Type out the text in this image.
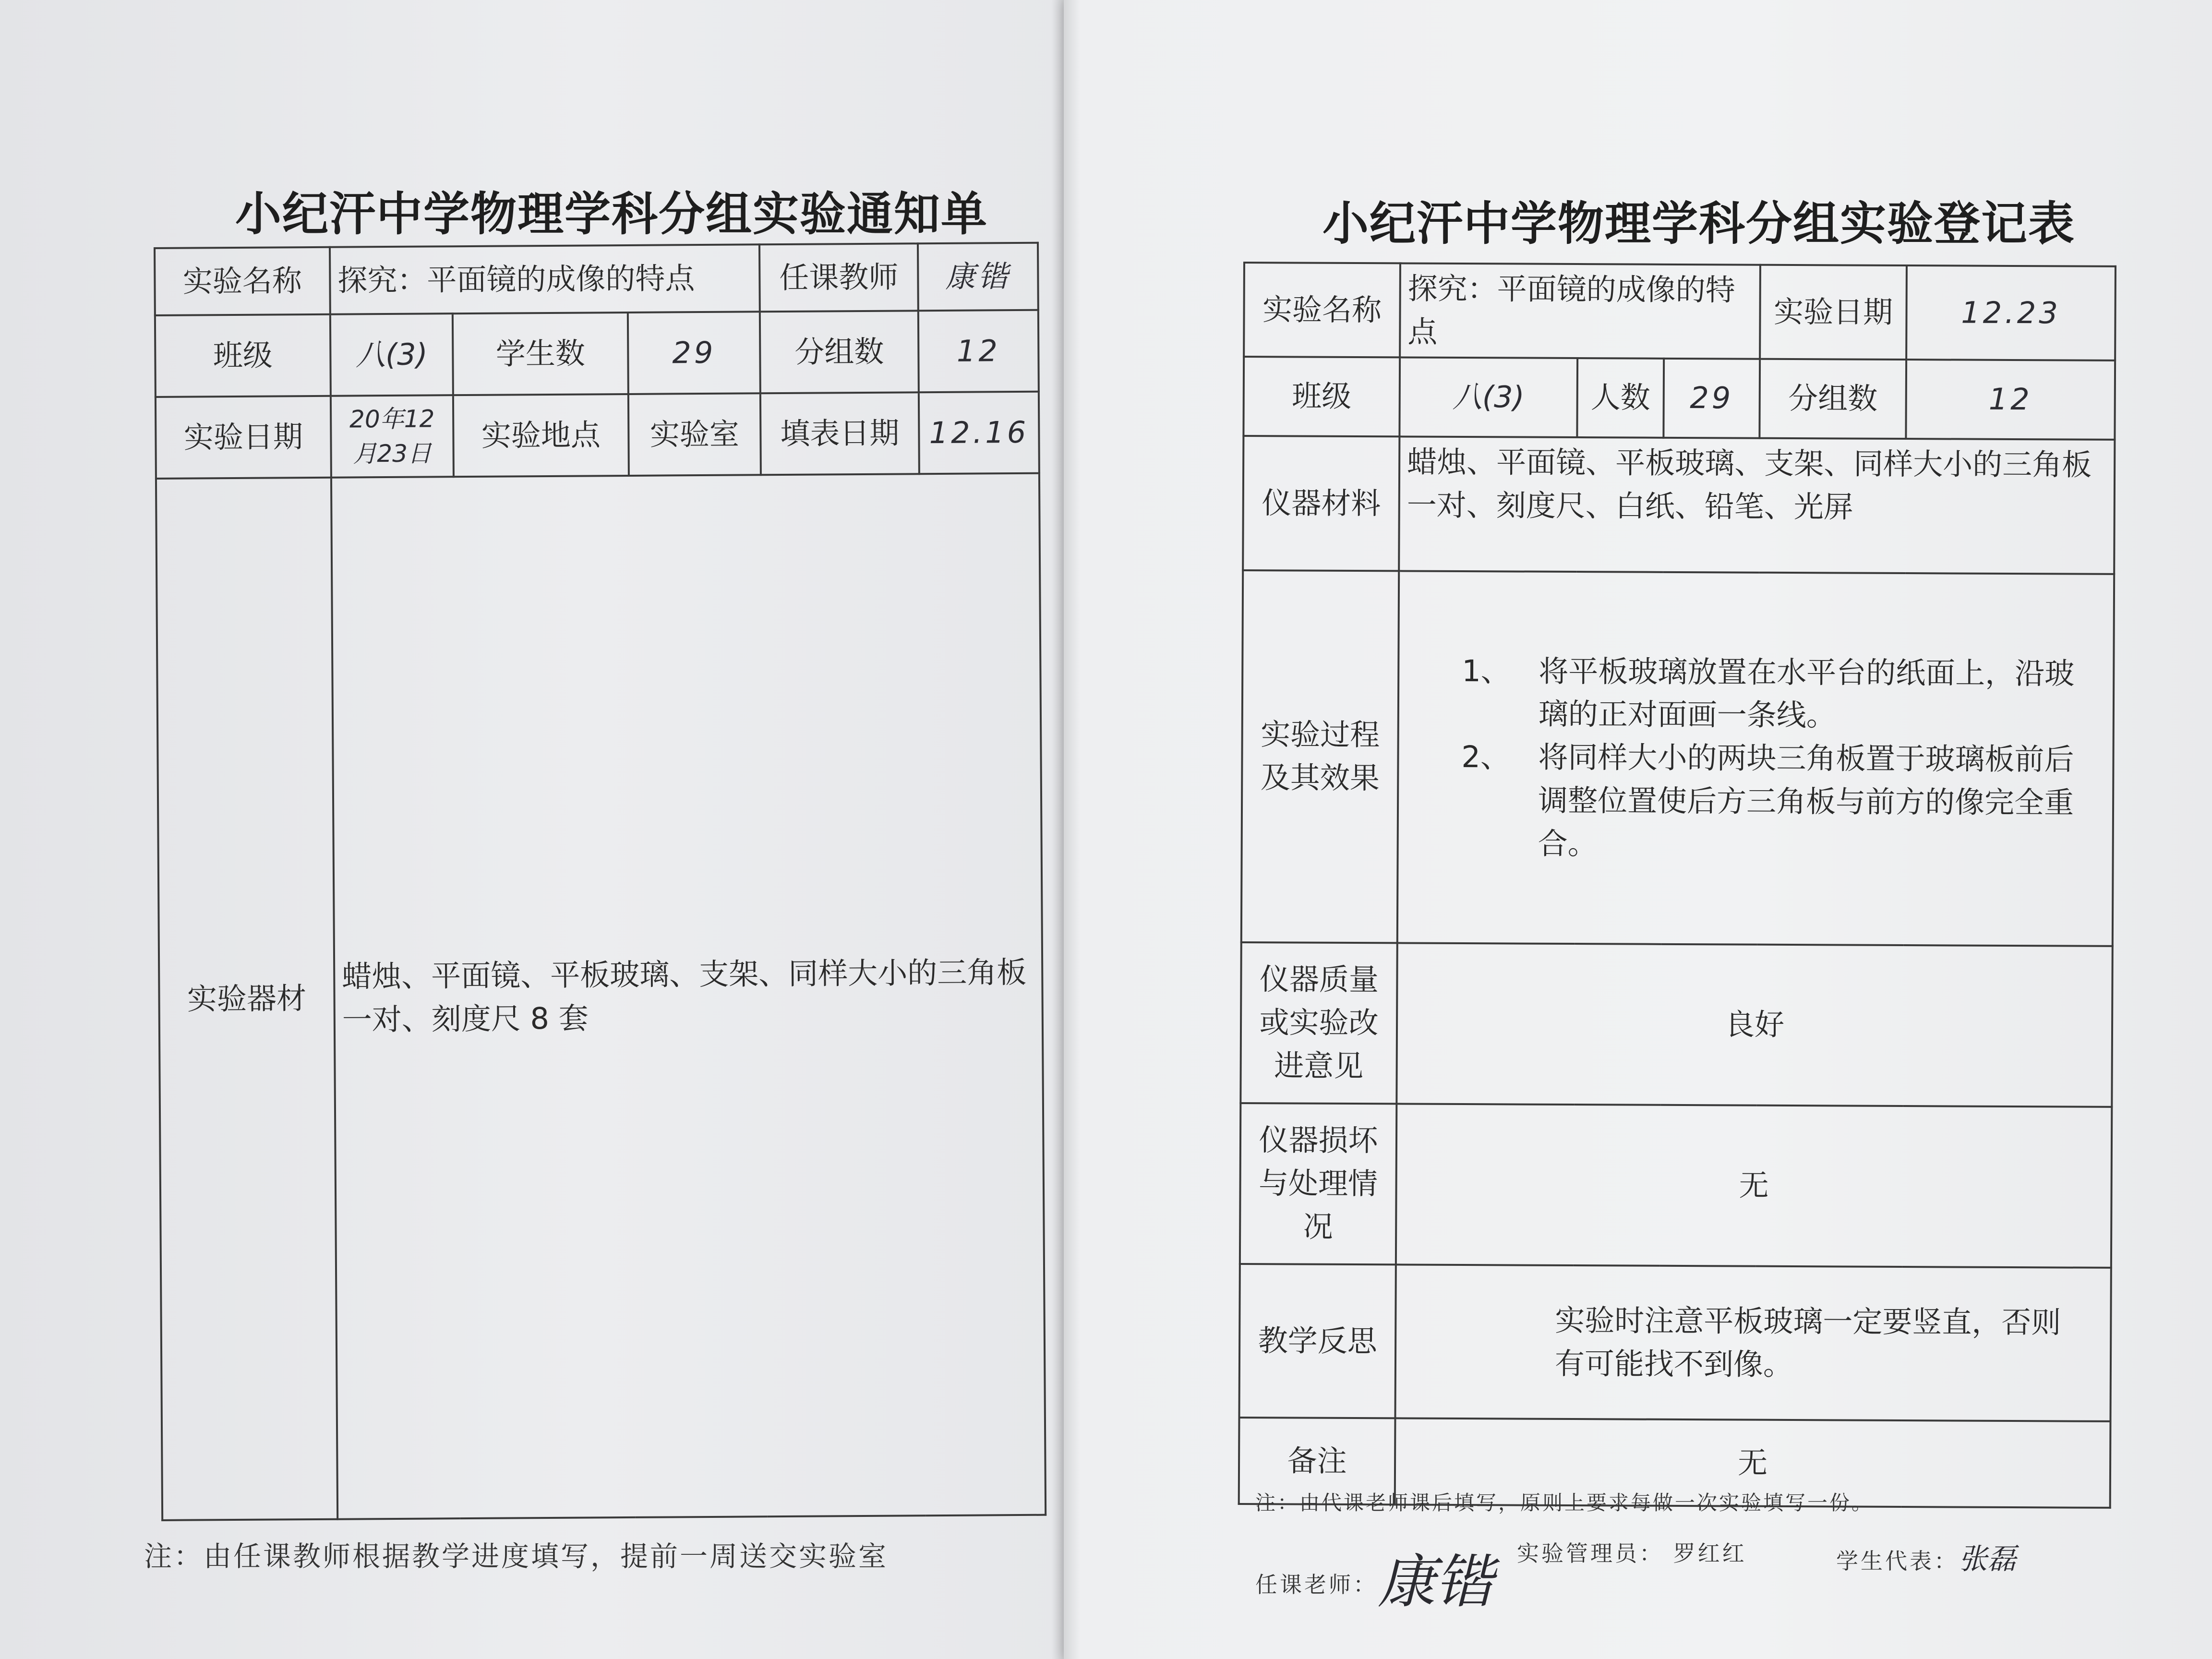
小纪汗中学物理学科分组实验通知单
实验名称	探究：平面镜的成像的特点			任课教师	康锴
班级	八(3)	学生数	29	分组数	12
实验日期	20年12月23日	实验地点	实验室	填表日期	12.16
实验器材	蜡烛、平面镜、平板玻璃、支架、同样大小的三角板一对、刻度尺 8 套				
注：由任课教师根据教学进度填写，提前一周送交实验室
小纪汗中学物理学科分组实验登记表
实验名称	探究：平面镜的成像的特点			实验日期	12.23
班级	八(3)	人数	29	分组数	12
仪器材料	蜡烛、平面镜、平板玻璃、支架、同样大小的三角板一对、刻度尺、白纸、铅笔、光屏				
实验过程及其效果	1、 将平板玻璃放置在水平台的纸面上，沿玻璃的正对面画一条线。
2、 将同样大小的两块三角板置于玻璃板前后调整位置使后方三角板与前方的像完全重合。				

仪器质量或实验改进意见	良好				
仪器损坏与处理情况	无				
教学反思	实验时注意平板玻璃一定要竖直，否则有可能找不到像。				
备注	无				
注：由代课老师课后填写，原则上要求每做一次实验填写一份。
任课老师：康锴 实验管理员： 罗红红	学生代表：张磊
